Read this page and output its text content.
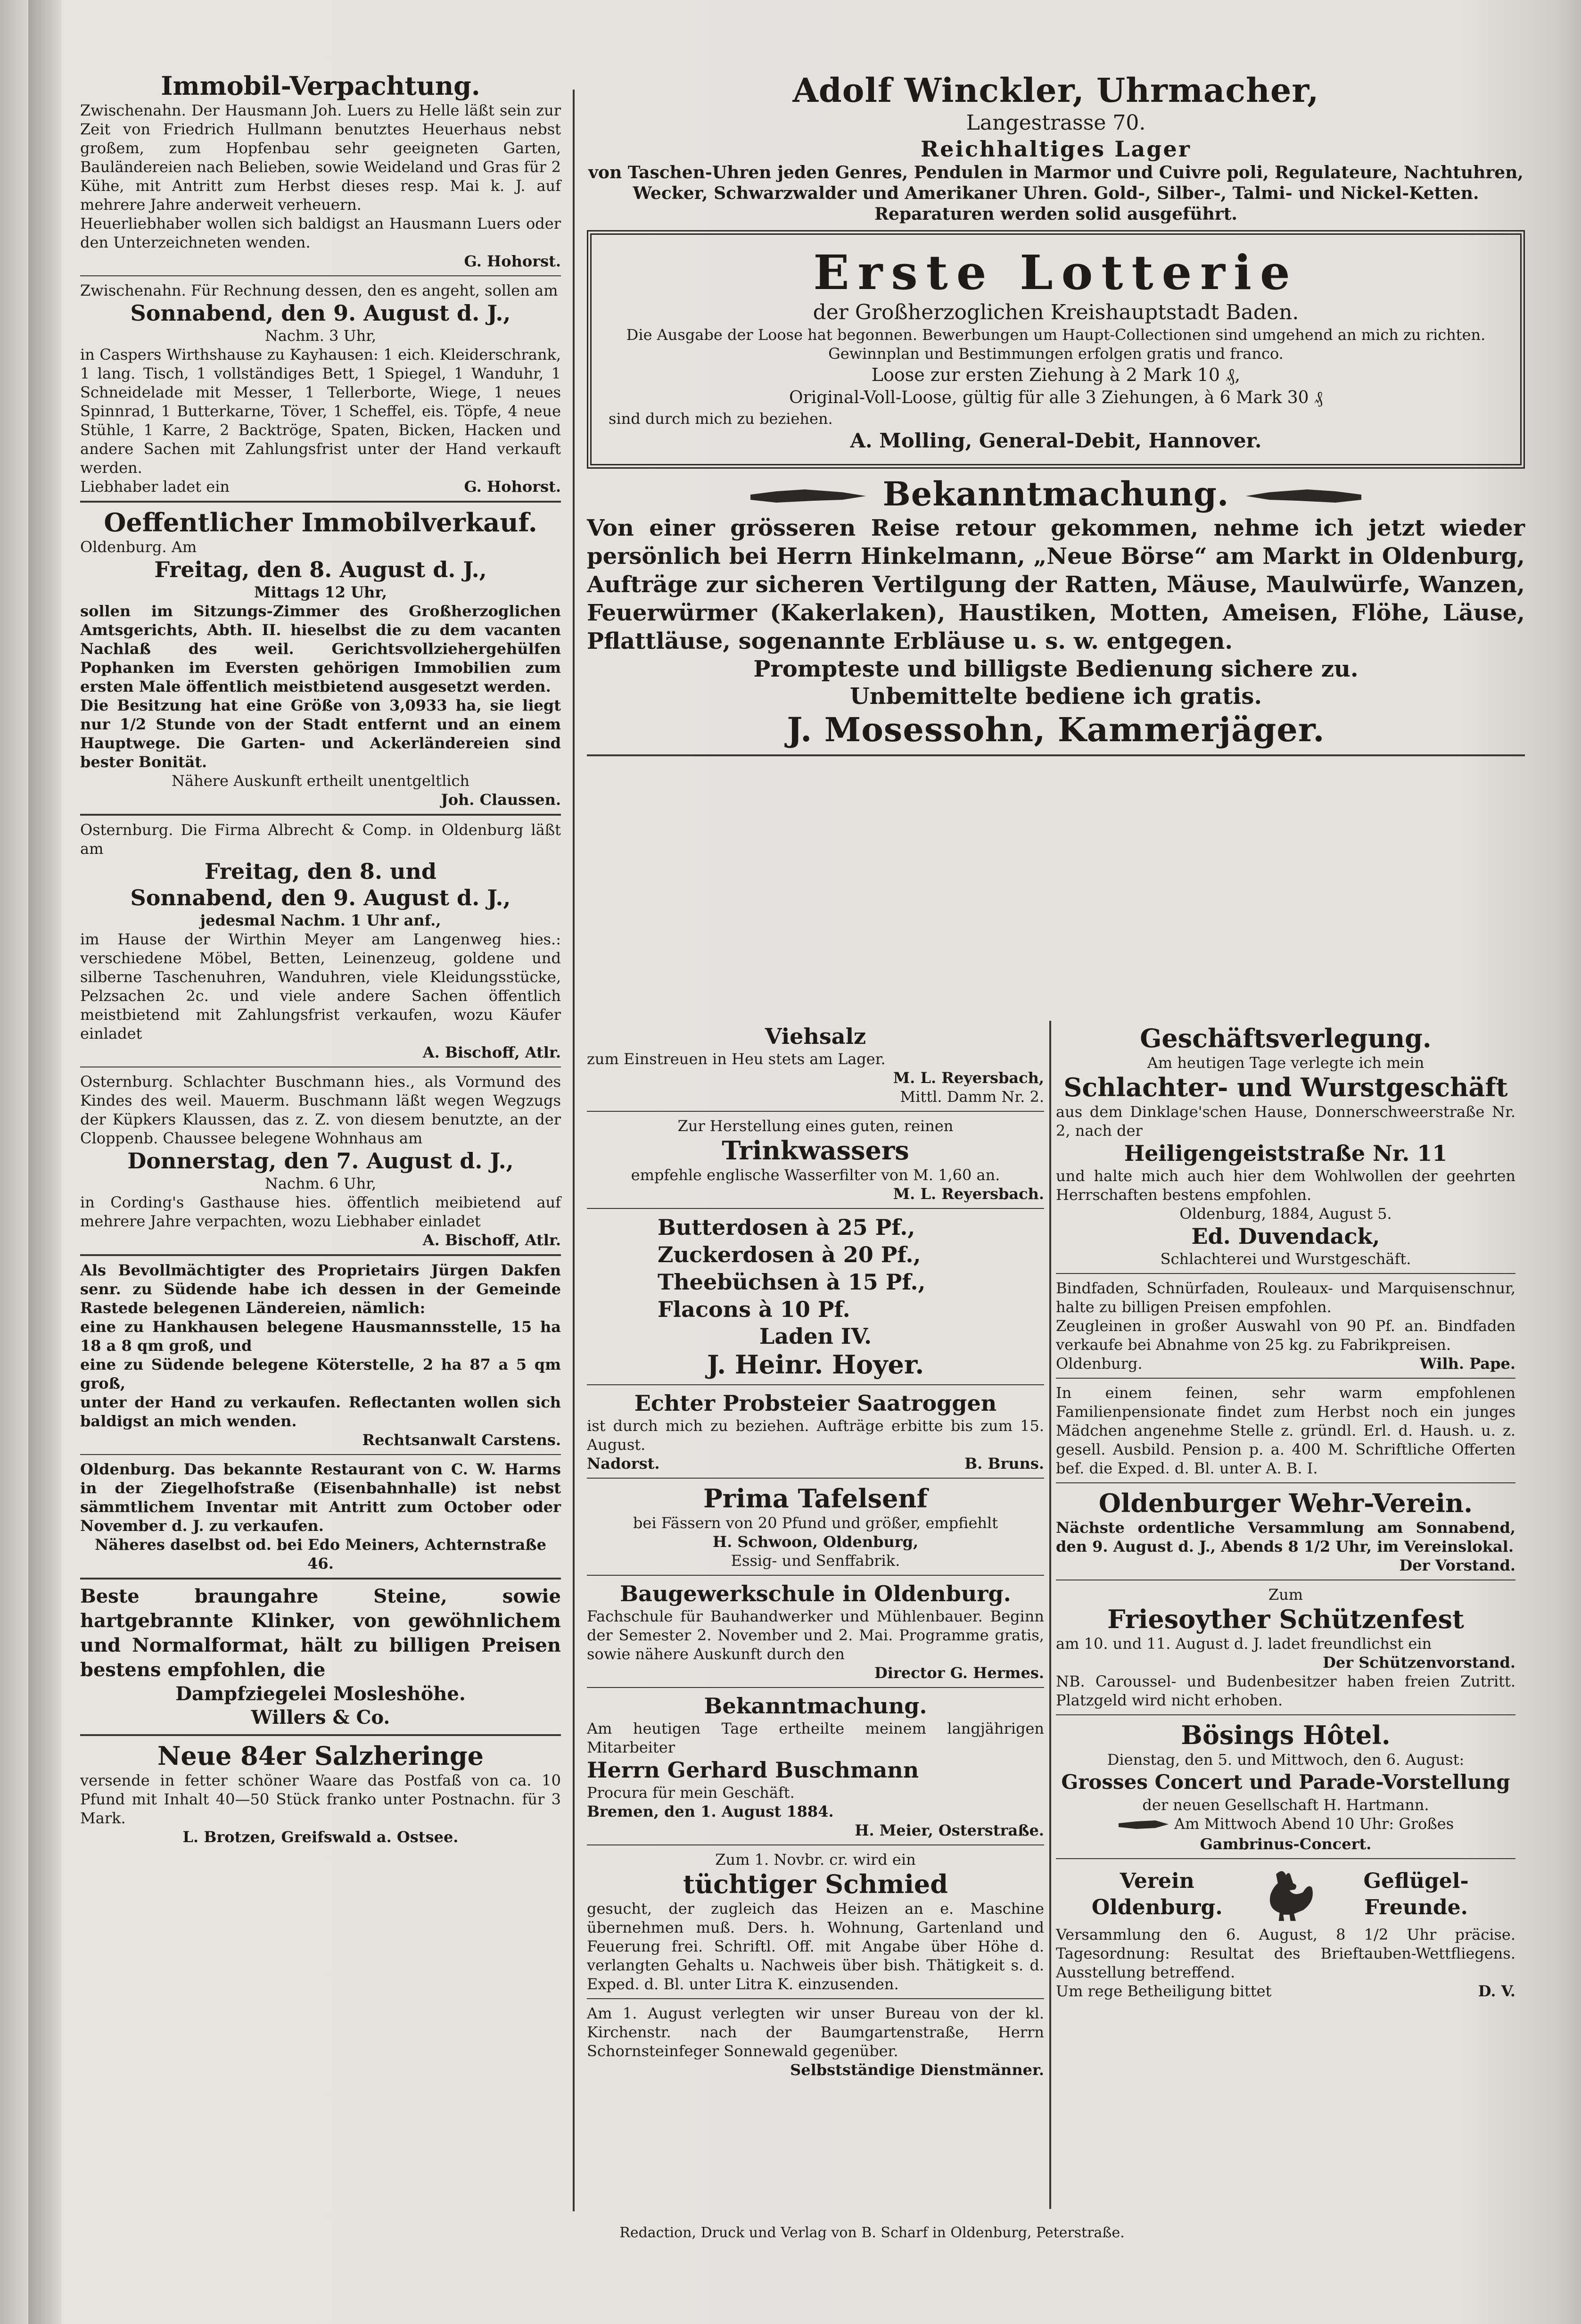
Immobil-Verpachtung.
Zwischenahn. Der Hausmann Joh. Luers zu Helle läßt sein zur Zeit von Friedrich Hullmann benutztes Heuerhaus nebst großem, zum Hopfenbau sehr geeigneten Garten, Bauländereien nach Belieben, sowie Weideland und Gras für 2 Kühe, mit Antritt zum Herbst dieses resp. Mai k. J. auf mehrere Jahre anderweit verheuern.
Heuerliebhaber wollen sich baldigst an Hausmann Luers oder den Unterzeichneten wenden.
G. Hohorst.
Zwischenahn. Für Rechnung dessen, den es angeht, sollen am
Sonnabend, den 9. August d. J.,
Nachm. 3 Uhr,
in Caspers Wirthshause zu Kayhausen: 1 eich. Kleiderschrank, 1 lang. Tisch, 1 vollständiges Bett, 1 Spiegel, 1 Wanduhr, 1 Schneidelade mit Messer, 1 Tellerborte, Wiege, 1 neues Spinnrad, 1 Butterkarne, Töver, 1 Scheffel, eis. Töpfe, 4 neue Stühle, 1 Karre, 2 Backtröge, Spaten, Bicken, Hacken und andere Sachen mit Zahlungsfrist unter der Hand verkauft werden.
Liebhaber ladet ein	G. Hohorst.
Oeffentlicher Immobilverkauf.
Oldenburg. Am
Freitag, den 8. August d. J.,
Mittags 12 Uhr,
sollen im Sitzungs-Zimmer des Großherzoglichen Amtsgerichts, Abth. II. hieselbst die zu dem vacanten Nachlaß des weil. Gerichtsvollziehergehülfen Pophanken im Eversten gehörigen Immobilien zum ersten Male öffentlich meistbietend ausgesetzt werden.
Die Besitzung hat eine Größe von 3,0933 ha, sie liegt nur 1/2 Stunde von der Stadt entfernt und an einem Hauptwege. Die Garten- und Ackerländereien sind bester Bonität.
Nähere Auskunft ertheilt unentgeltlich
Joh. Claussen.
Osternburg. Die Firma Albrecht & Comp. in Oldenburg läßt am
Freitag, den 8. und
Sonnabend, den 9. August d. J.,
jedesmal Nachm. 1 Uhr anf.,
im Hause der Wirthin Meyer am Langenweg hies.: verschiedene Möbel, Betten, Leinenzeug, goldene und silberne Taschenuhren, Wanduhren, viele Kleidungsstücke, Pelzsachen 2c. und viele andere Sachen öffentlich meistbietend mit Zahlungsfrist verkaufen, wozu Käufer einladet
A. Bischoff, Atlr.
Osternburg. Schlachter Buschmann hies., als Vormund des Kindes des weil. Mauerm. Buschmann läßt wegen Wegzugs der Küpkers Klaussen, das z. Z. von diesem benutzte, an der Cloppenb. Chaussee belegene Wohnhaus am
Donnerstag, den 7. August d. J.,
Nachm. 6 Uhr,
in Cording's Gasthause hies. öffentlich meibietend auf mehrere Jahre verpachten, wozu Liebhaber einladet
A. Bischoff, Atlr.
Als Bevollmächtigter des Proprietairs Jürgen Dakfen senr. zu Südende habe ich dessen in der Gemeinde Rastede belegenen Ländereien, nämlich:
eine zu Hankhausen belegene Hausmannsstelle, 15 ha 18 a 8 qm groß, und
eine zu Südende belegene Köterstelle, 2 ha 87 a 5 qm groß,
unter der Hand zu verkaufen. Reflectanten wollen sich baldigst an mich wenden.
Rechtsanwalt Carstens.
Oldenburg. Das bekannte Restaurant von C. W. Harms in der Ziegelhofstraße (Eisenbahnhalle) ist nebst sämmtlichem Inventar mit Antritt zum October oder November d. J. zu verkaufen.
Näheres daselbst od. bei Edo Meiners, Achternstraße 46.
Beste braungahre Steine, sowie hartgebrannte Klinker, von gewöhnlichem und Normalformat, hält zu billigen Preisen bestens empfohlen, die
Dampfziegelei Mosleshöhe.
Willers & Co.
Neue 84er Salzheringe
versende in fetter schöner Waare das Postfaß von ca. 10 Pfund mit Inhalt 40—50 Stück franko unter Postnachn. für 3 Mark.
L. Brotzen, Greifswald a. Ostsee.
Adolf Winckler, Uhrmacher,
Langestrasse 70.
Reichhaltiges Lager
von Taschen-Uhren jeden Genres, Pendulen in Marmor und Cuivre poli, Regulateure, Nachtuhren, Wecker, Schwarzwalder und Amerikaner Uhren. Gold-, Silber-, Talmi- und Nickel-Ketten.
Reparaturen werden solid ausgeführt.
Erste Lotterie
der Großherzoglichen Kreishauptstadt Baden.
Die Ausgabe der Loose hat begonnen. Bewerbungen um Haupt-Collectionen sind umgehend an mich zu richten.
Gewinnplan und Bestimmungen erfolgen gratis und franco.
Loose zur ersten Ziehung à 2 Mark 10 ₰,
Original-Voll-Loose, gültig für alle 3 Ziehungen, à 6 Mark 30 ₰
sind durch mich zu beziehen.
A. Molling, General-Debit, Hannover.
Bekanntmachung.
Von einer grösseren Reise retour gekommen, nehme ich jetzt wieder persönlich bei Herrn Hinkelmann, „Neue Börse“ am Markt in Oldenburg, Aufträge zur sicheren Vertilgung der Ratten, Mäuse, Maulwürfe, Wanzen, Feuerwürmer (Kakerlaken), Haustiken, Motten, Ameisen, Flöhe, Läuse, Pflattläuse, sogenannte Erbläuse u. s. w. entgegen.
Prompteste und billigste Bedienung sichere zu.
Unbemittelte bediene ich gratis.
J. Mosessohn, Kammerjäger.
Viehsalz
zum Einstreuen in Heu stets am Lager.
M. L. Reyersbach,
Mittl. Damm Nr. 2.
Zur Herstellung eines guten, reinen
Trinkwassers
empfehle englische Wasserfilter von M. 1,60 an.
M. L. Reyersbach.
Butterdosen à 25 Pf.,
Zuckerdosen à 20 Pf.,
Theebüchsen à 15 Pf.,
Flacons à 10 Pf.
Laden IV.
J. Heinr. Hoyer.
Echter Probsteier Saatroggen
ist durch mich zu beziehen. Aufträge erbitte bis zum 15. August.
Nadorst.	B. Bruns.
Prima Tafelsenf
bei Fässern von 20 Pfund und größer, empfiehlt
H. Schwoon, Oldenburg,
Essig- und Senffabrik.
Baugewerkschule in Oldenburg.
Fachschule für Bauhandwerker und Mühlenbauer. Beginn der Semester 2. November und 2. Mai. Programme gratis, sowie nähere Auskunft durch den
Director G. Hermes.
Bekanntmachung.
Am heutigen Tage ertheilte meinem langjährigen Mitarbeiter
Herrn Gerhard Buschmann
Procura für mein Geschäft.
Bremen, den 1. August 1884.
H. Meier, Osterstraße.
Zum 1. Novbr. cr. wird ein
tüchtiger Schmied
gesucht, der zugleich das Heizen an e. Maschine übernehmen muß. Ders. h. Wohnung, Gartenland und Feuerung frei. Schriftl. Off. mit Angabe über Höhe d. verlangten Gehalts u. Nachweis über bish. Thätigkeit s. d. Exped. d. Bl. unter Litra K. einzusenden.
Am 1. August verlegten wir unser Bureau von der kl. Kirchenstr. nach der Baumgartenstraße, Herrn Schornsteinfeger Sonnewald gegenüber.
Selbstständige Dienstmänner.
Geschäftsverlegung.
Am heutigen Tage verlegte ich mein
Schlachter- und Wurstgeschäft
aus dem Dinklage'schen Hause, Donnerschweerstraße Nr. 2, nach der
Heiligengeiststraße Nr. 11
und halte mich auch hier dem Wohlwollen der geehrten Herrschaften bestens empfohlen.
Oldenburg, 1884, August 5.
Ed. Duvendack,
Schlachterei und Wurstgeschäft.
Bindfaden, Schnürfaden, Rouleaux- und Marquisenschnur, halte zu billigen Preisen empfohlen.
Zeugleinen in großer Auswahl von 90 Pf. an. Bindfaden verkaufe bei Abnahme von 25 kg. zu Fabrikpreisen.
Oldenburg.	Wilh. Pape.
In einem feinen, sehr warm empfohlenen Familienpensionate findet zum Herbst noch ein junges Mädchen angenehme Stelle z. gründl. Erl. d. Haush. u. z. gesell. Ausbild. Pension p. a. 400 M. Schriftliche Offerten bef. die Exped. d. Bl. unter A. B. I.
Oldenburger Wehr-Verein.
Nächste ordentliche Versammlung am Sonnabend, den 9. August d. J., Abends 8 1/2 Uhr, im Vereinslokal.
Der Vorstand.
Zum
Friesoyther Schützenfest
am 10. und 11. August d. J. ladet freundlichst ein
Der Schützenvorstand.
NB. Caroussel- und Budenbesitzer haben freien Zutritt. Platzgeld wird nicht erhoben.
Bösings Hôtel.
Dienstag, den 5. und Mittwoch, den 6. August:
Grosses Concert und Parade-Vorstellung
der neuen Gesellschaft H. Hartmann.
Am Mittwoch Abend 10 Uhr: Großes
Gambrinus-Concert.
Verein Oldenburg.
Geflügel-Freunde.
Versammlung den 6. August, 8 1/2 Uhr präcise. Tagesordnung: Resultat des Brieftauben-Wettfliegens. Ausstellung betreffend.
Um rege Betheiligung bittet	D. V.
Redaction, Druck und Verlag von B. Scharf in Oldenburg, Peterstraße.
